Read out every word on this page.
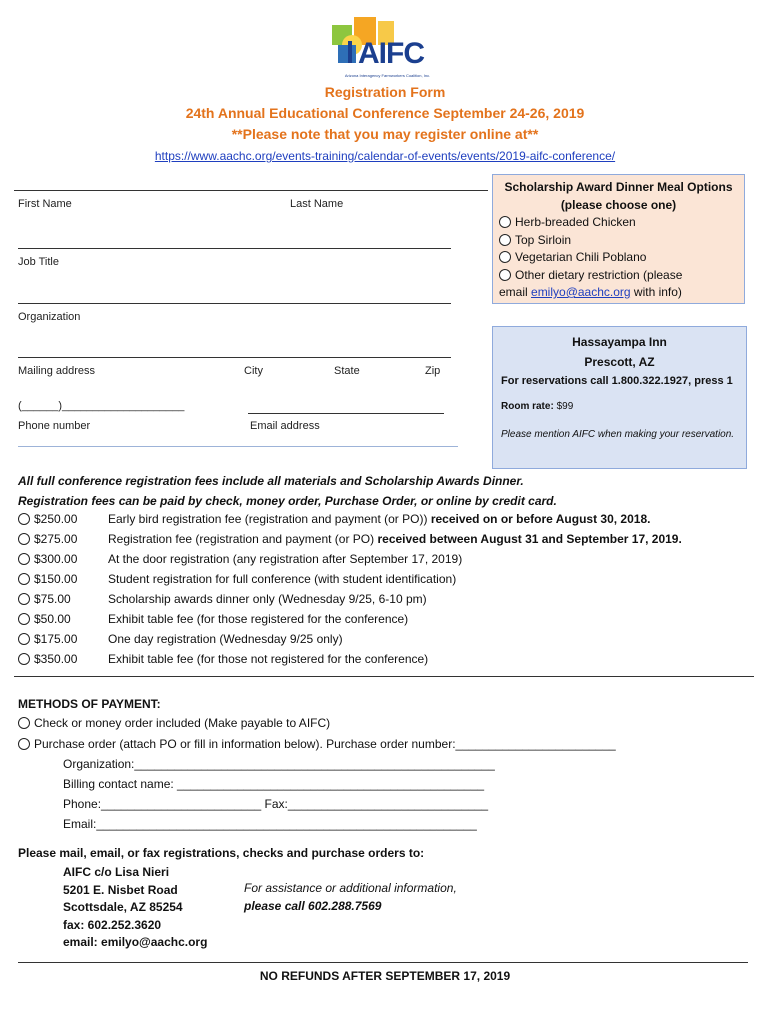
AIFC
Arizona Interagency Farmworkers Coalition, Inc.
Registration Form
24th Annual Educational Conference September 24-26, 2019
**Please note that you may register online at**
https://www.aachc.org/events-training/calendar-of-events/events/2019-aifc-conference/
First Name	Last Name
Job Title
Organization
Mailing address	City	State	Zip
(______)____________________
Phone number	Email address
Scholarship Award Dinner Meal Options
(please choose one)
Herb-breaded Chicken
Top Sirloin
Vegetarian Chili Poblano
Other dietary restriction (please
email emilyo@aachc.org with info)
Hassayampa Inn
Prescott, AZ
For reservations call 1.800.322.1927, press 1
Room rate: $99
Please mention AIFC when making your reservation.
All full conference registration fees include all materials and Scholarship Awards Dinner.
Registration fees can be paid by check, money order, Purchase Order, or online by credit card.
$250.00	Early bird registration fee (registration and payment (or PO)) received on or before August 30, 2018.
$275.00	Registration fee (registration and payment (or PO) received between August 31 and September 17, 2019.
$300.00	At the door registration (any registration after September 17, 2019)
$150.00	Student registration for full conference (with student identification)
$75.00	Scholarship awards dinner only (Wednesday 9/25, 6-10 pm)
$50.00	Exhibit table fee (for those registered for the conference)
$175.00	One day registration (Wednesday 9/25 only)
$350.00	Exhibit table fee (for those not registered for the conference)
METHODS OF PAYMENT:
Check or money order included (Make payable to AIFC)
Purchase order (attach PO or fill in information below). Purchase order number:________________________
Organization:______________________________________________________
Billing contact name: ______________________________________________
Phone:________________________ Fax:______________________________
Email:_________________________________________________________
Please mail, email, or fax registrations, checks and purchase orders to:
AIFC c/o Lisa Nieri
5201 E. Nisbet Road
Scottsdale, AZ 85254
fax: 602.252.3620
email: emilyo@aachc.org
For assistance or additional information,
please call 602.288.7569
NO REFUNDS AFTER SEPTEMBER 17, 2019
